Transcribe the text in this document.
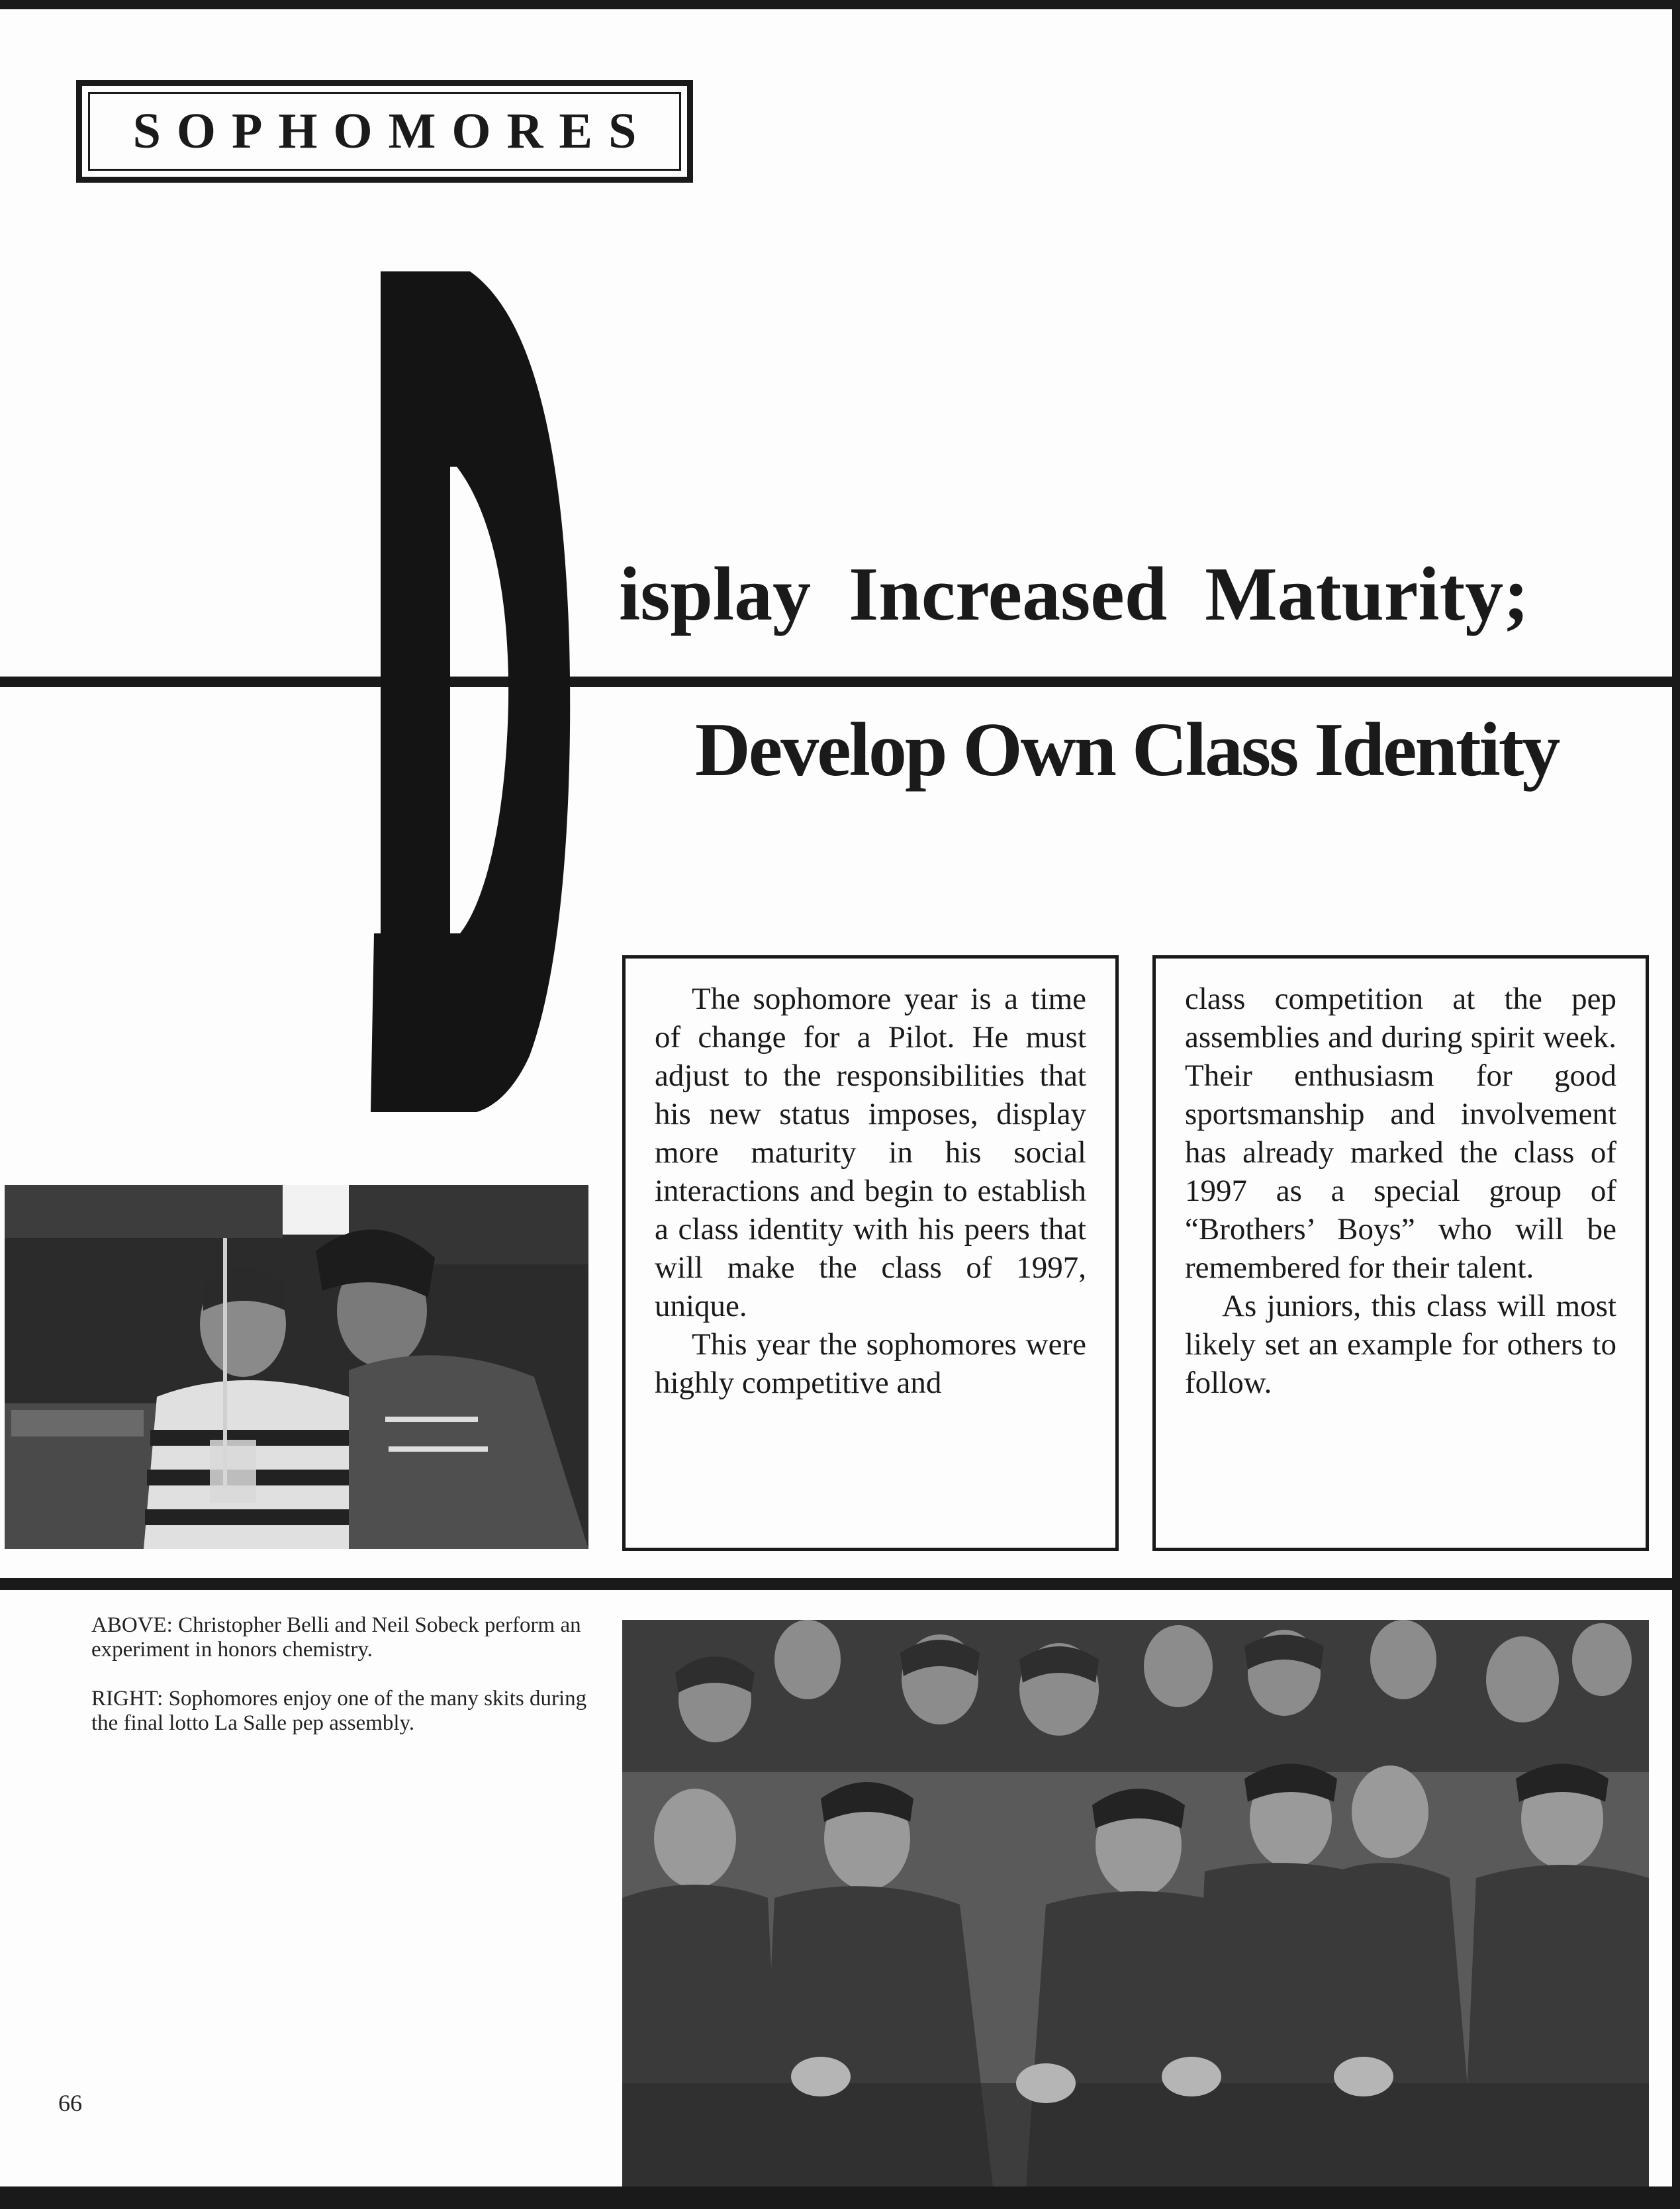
SOPHOMORES
D
isplay Increased Maturity;
Develop Own Class Identity

The sophomore year is a time of change for a Pilot. He must adjust to the responsibilities that his new status imposes, display more maturity in his social interactions and begin to establish a class identity with his peers that will make the class of 1997, unique.

This year the sophomores were highly competitive and

class competition at the pep assemblies and during spirit week. Their enthusiasm for good sportsmanship and involvement has already marked the class of 1997 as a special group of “Brothers’ Boys” who will be remembered for their talent.

As juniors, this class will most likely set an example for others to follow.

ABOVE: Christopher Belli and Neil Sobeck perform an experiment in honors chemistry.

RIGHT: Sophomores enjoy one of the many skits during the final lotto La Salle pep assembly.

66
